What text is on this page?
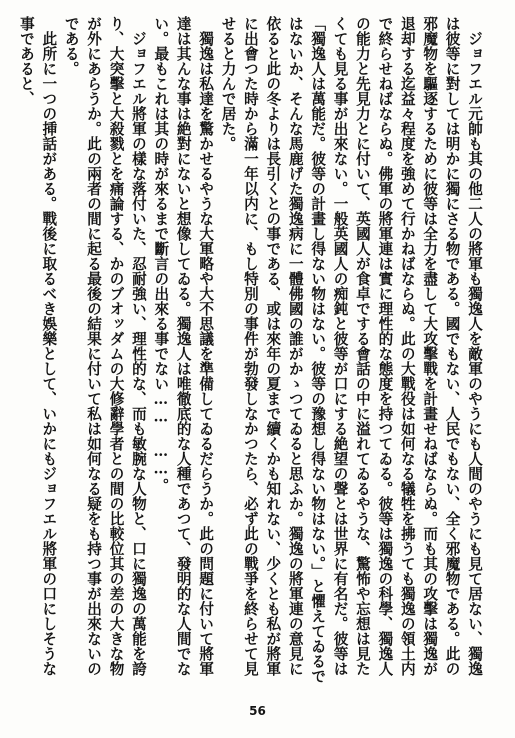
ジョフエル元帥も其の他二人の將軍も獨逸人を敵軍のやうにも人間のやうにも見て居ない、獨逸は彼等に對しては明かに獨にさる物である。國でもない、人民でもない、全く邪魔物である。此の邪魔物を驅逐するために彼等は全力を盡して大攻擊戰を計畫せねばならぬ。而も其の攻擊は獨逸が退却する迄益々程度を強めて行かねばならぬ。此の大戰役は如何なる犠牲を拂うても獨逸の領土内で終らせねばならぬ。佛軍の將軍連は實に理性的な態度を持つてゐる。彼等は獨逸の科學、獨逸人の能力と先見力とに付いて、英國人が食卓でする會話の中に溢れてゐるやうな、驚怖や忘想は見たくても見る事が出來ない。一般英國人の痴鈍と彼等が口にする絶望の聲とは世界に有名だ。彼等は「獨逸人は萬能だ。彼等の計畫し得ない物はない。彼等の豫想し得ない物はない。」と懼えてゐるではないか、そんな馬鹿げた獨逸病に一體佛國の誰がかゝつてゐると思ふか。獨逸の將軍連の意見に依ると此の冬よりは長引くとの事である、或は來年の夏まで續くかも知れない、少くとも私が將軍に出會つた時から滿一年以内に、もし特別の事件が勃發しなかつたら、必ず此の戰爭を終らせて見せると力んで居た。

獨逸は私達を驚かせるやうな大軍略や大不思議を準備してゐるだらうか。此の問題に付いて將軍達は其んな事は絶對にないと想像してゐる。獨逸人は唯徹底的な人種であつて、發明的な人間でない。最もこれは其の時が來るまで斷言の出來る事でない…… ……。

ジョフエル將軍の樣な落付いた、忍耐強い、理性的な、而も敏腕な人物と、口に獨逸の萬能を誇り、大突擊と大殺戮とを痛論する、かのブオッダムの大修辭學者との間の比較位其の差の大きな物が外にあらうか。此の兩者の間に起る最後の結果に付いて私は如何なる疑をも持つ事が出來ないのである。

此所に一つの挿話がある。戰後に取るべき娛樂として、いかにもジョフエル將軍の口にしそうな事であると、

56
